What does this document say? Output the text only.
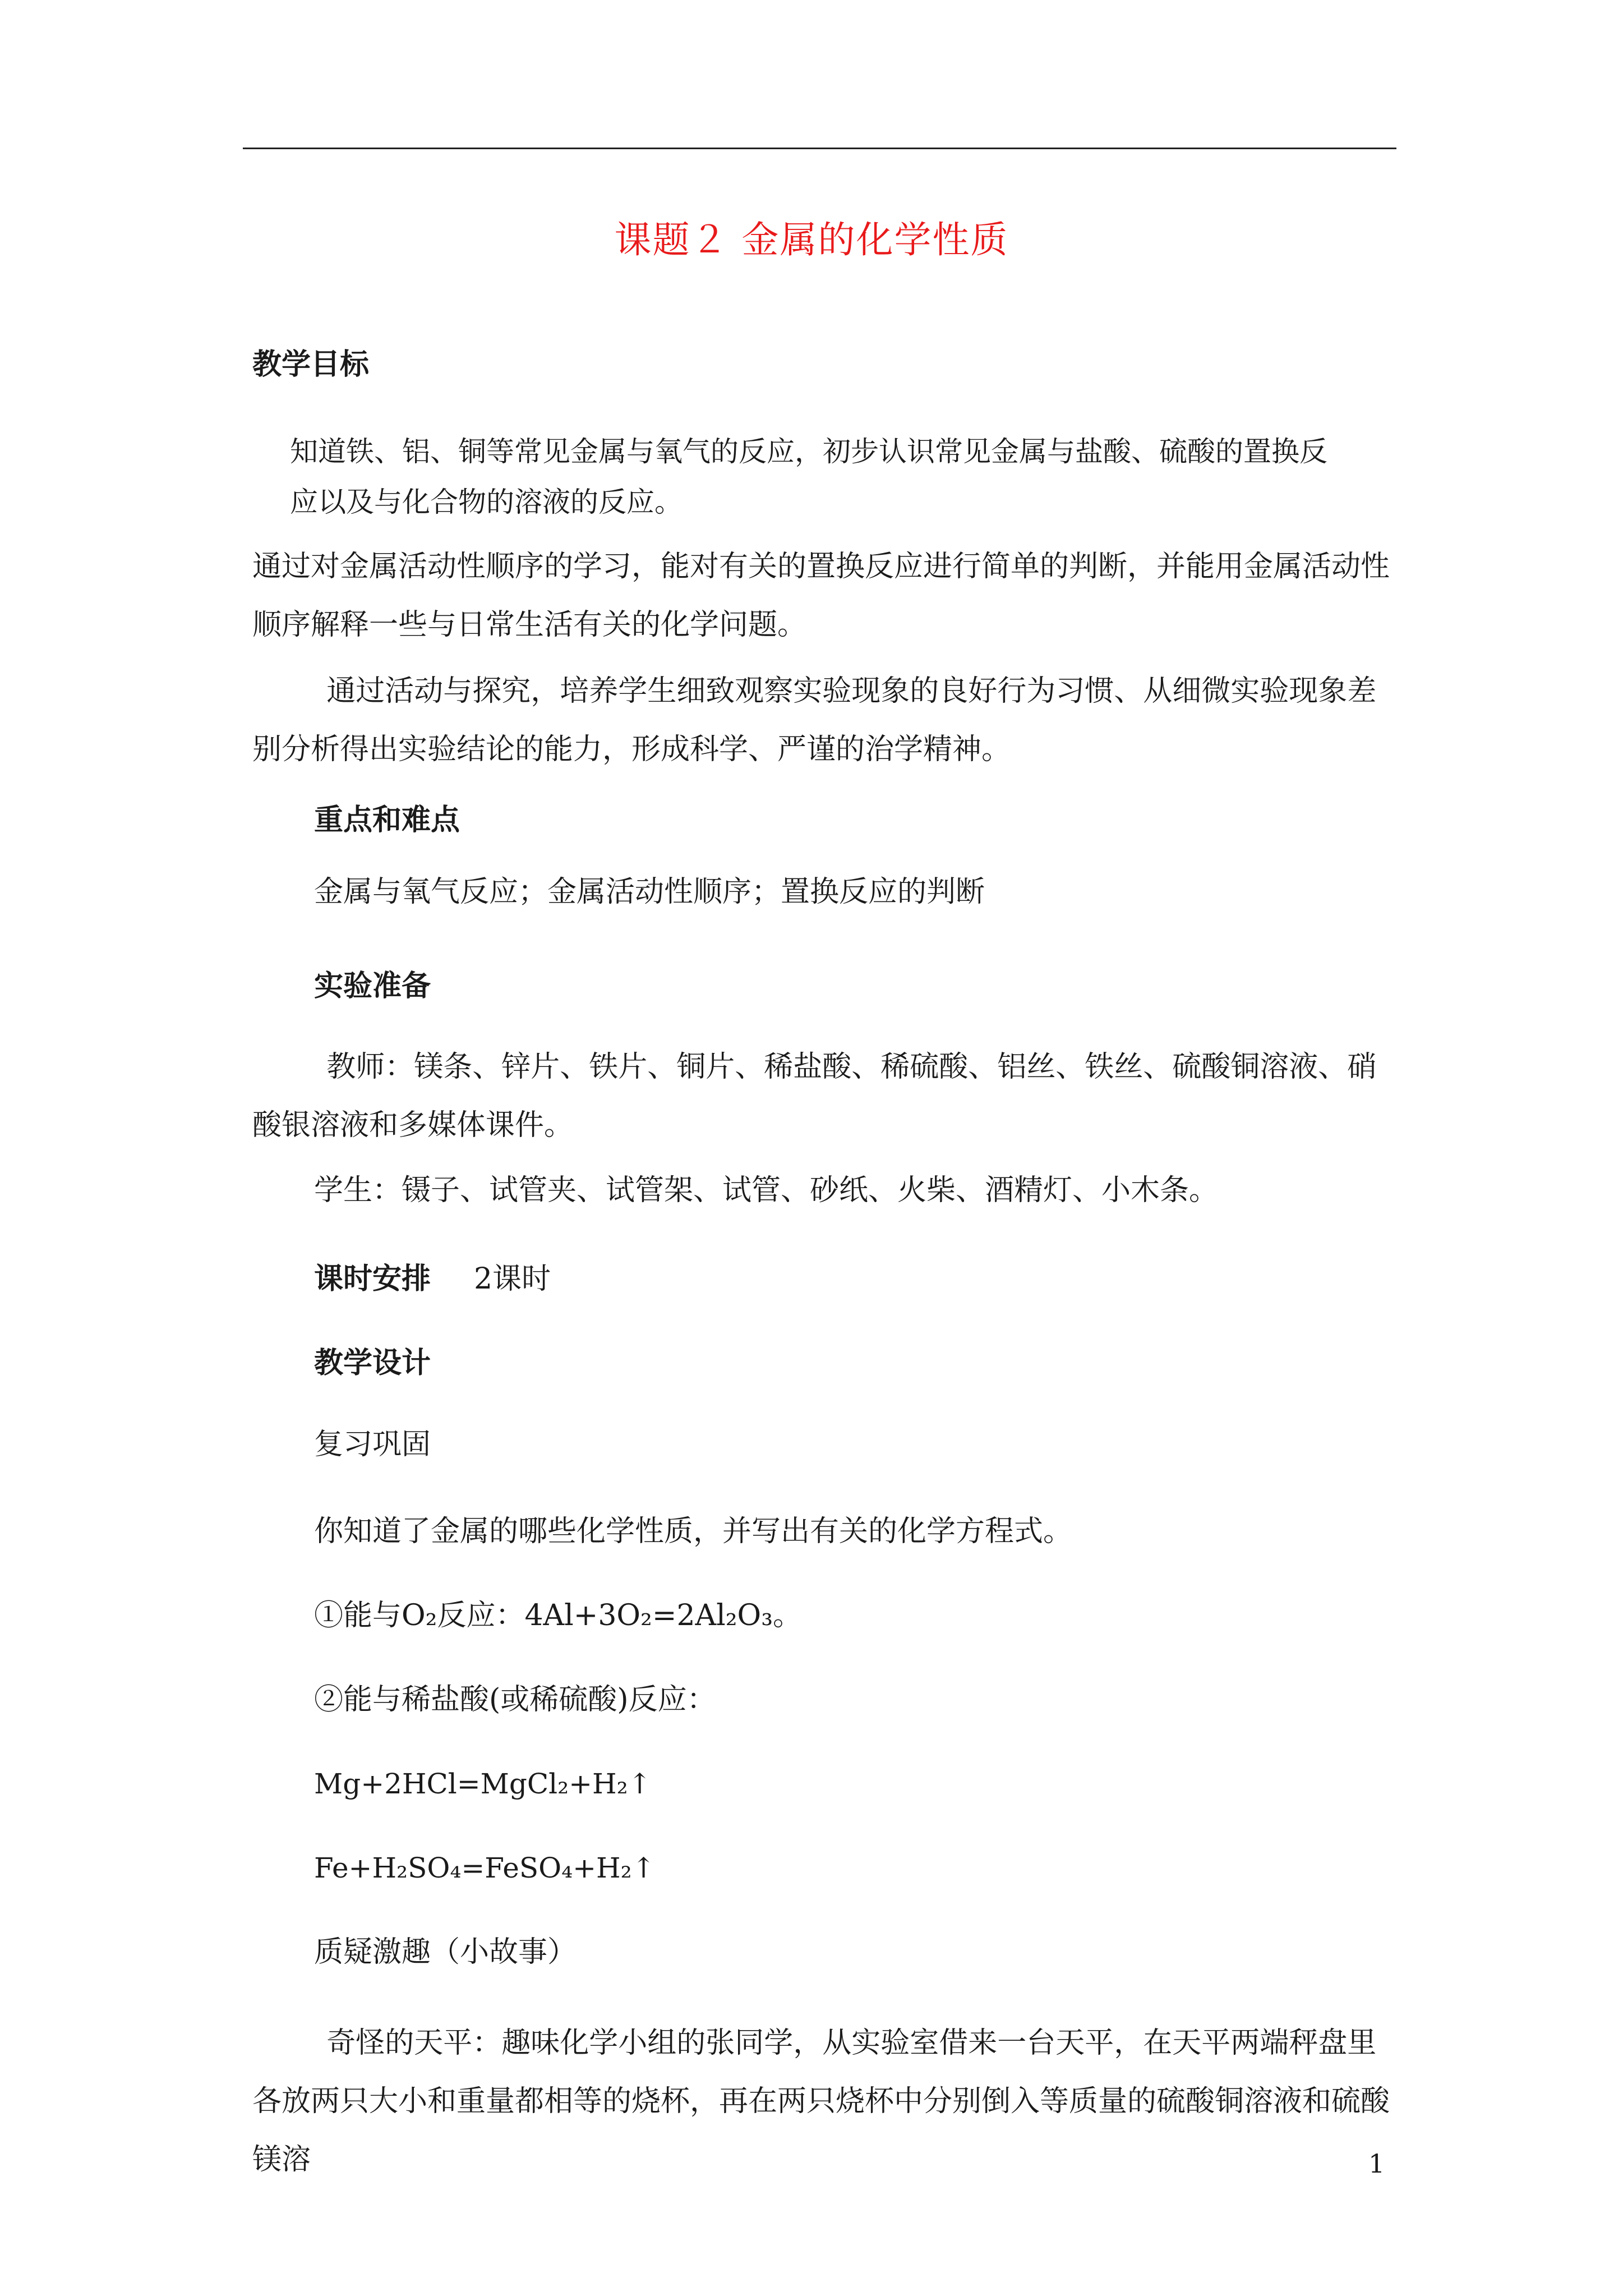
课题２ 金属的化学性质
教学目标
知道铁、铝、铜等常见金属与氧气的反应，初步认识常见金属与盐酸、硫酸的置换反
应以及与化合物的溶液的反应。
通过对金属活动性顺序的学习，能对有关的置换反应进行简单的判断，并能用金属活动性顺序解释一些与日常生活有关的化学问题。
通过活动与探究，培养学生细致观察实验现象的良好行为习惯、从细微实验现象差别分析得出实验结论的能力，形成科学、严谨的治学精神。
重点和难点
金属与氧气反应；金属活动性顺序；置换反应的判断
实验准备
教师：镁条、锌片、铁片、铜片、稀盐酸、稀硫酸、铝丝、铁丝、硫酸铜溶液、硝酸银溶液和多媒体课件。
学生：镊子、试管夹、试管架、试管、砂纸、火柴、酒精灯、小木条。
课时安排 2课时
教学设计
复习巩固
你知道了金属的哪些化学性质，并写出有关的化学方程式。
①能与O₂反应：4Al+3O₂=2Al₂O₃。
②能与稀盐酸(或稀硫酸)反应：
Mg+2HCl=MgCl₂+H₂↑
Fe+H₂SO₄=FeSO₄+H₂↑
质疑激趣（小故事）
奇怪的天平：趣味化学小组的张同学，从实验室借来一台天平，在天平两端秤盘里各放两只大小和重量都相等的烧杯，再在两只烧杯中分别倒入等质量的硫酸铜溶液和硫酸镁溶	1
